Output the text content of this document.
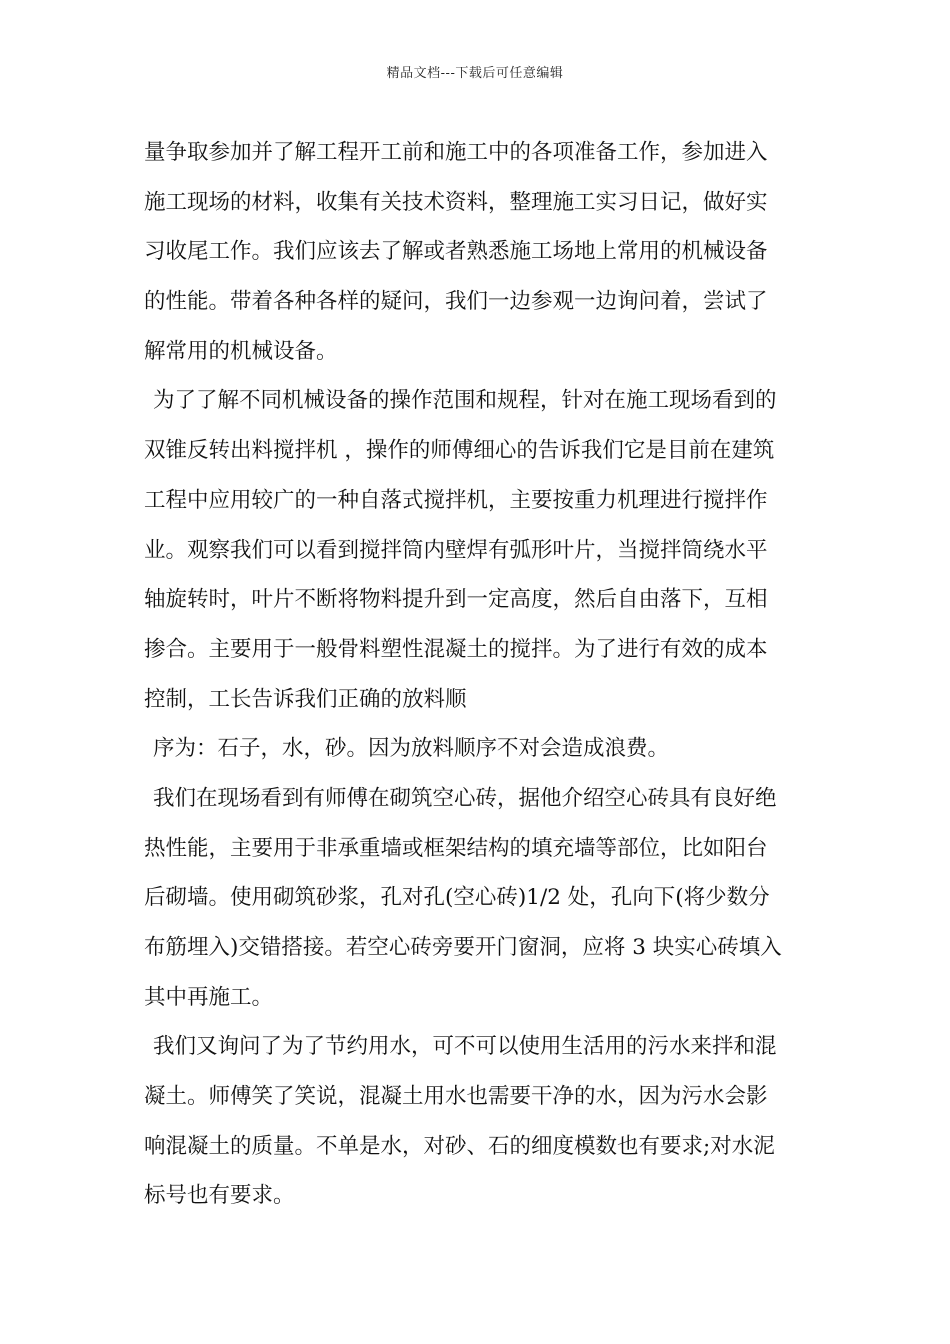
精品文档---下载后可任意编辑
量争取参加并了解工程开工前和施工中的各项准备工作，参加进入
施工现场的材料，收集有关技术资料，整理施工实习日记，做好实
习收尾工作。我们应该去了解或者熟悉施工场地上常用的机械设备
的性能。带着各种各样的疑问，我们一边参观一边询问着，尝试了
解常用的机械设备。
为了了解不同机械设备的操作范围和规程，针对在施工现场看到的
双锥反转出料搅拌机 ，操作的师傅细心的告诉我们它是目前在建筑
工程中应用较广的一种自落式搅拌机，主要按重力机理进行搅拌作
业。观察我们可以看到搅拌筒内壁焊有弧形叶片，当搅拌筒绕水平
轴旋转时，叶片不断将物料提升到一定高度，然后自由落下，互相
掺合。主要用于一般骨料塑性混凝土的搅拌。为了进行有效的成本
控制，工长告诉我们正确的放料顺
序为：石子，水，砂。因为放料顺序不对会造成浪费。
我们在现场看到有师傅在砌筑空心砖，据他介绍空心砖具有良好绝
热性能，主要用于非承重墙或框架结构的填充墙等部位，比如阳台
后砌墙。使用砌筑砂浆，孔对孔(空心砖)1/2 处，孔向下(将少数分
布筋埋入)交错搭接。若空心砖旁要开门窗洞，应将 3 块实心砖填入
其中再施工。
我们又询问了为了节约用水，可不可以使用生活用的污水来拌和混
凝土。师傅笑了笑说，混凝土用水也需要干净的水，因为污水会影
响混凝土的质量。不单是水，对砂、石的细度模数也有要求;对水泥
标号也有要求。
